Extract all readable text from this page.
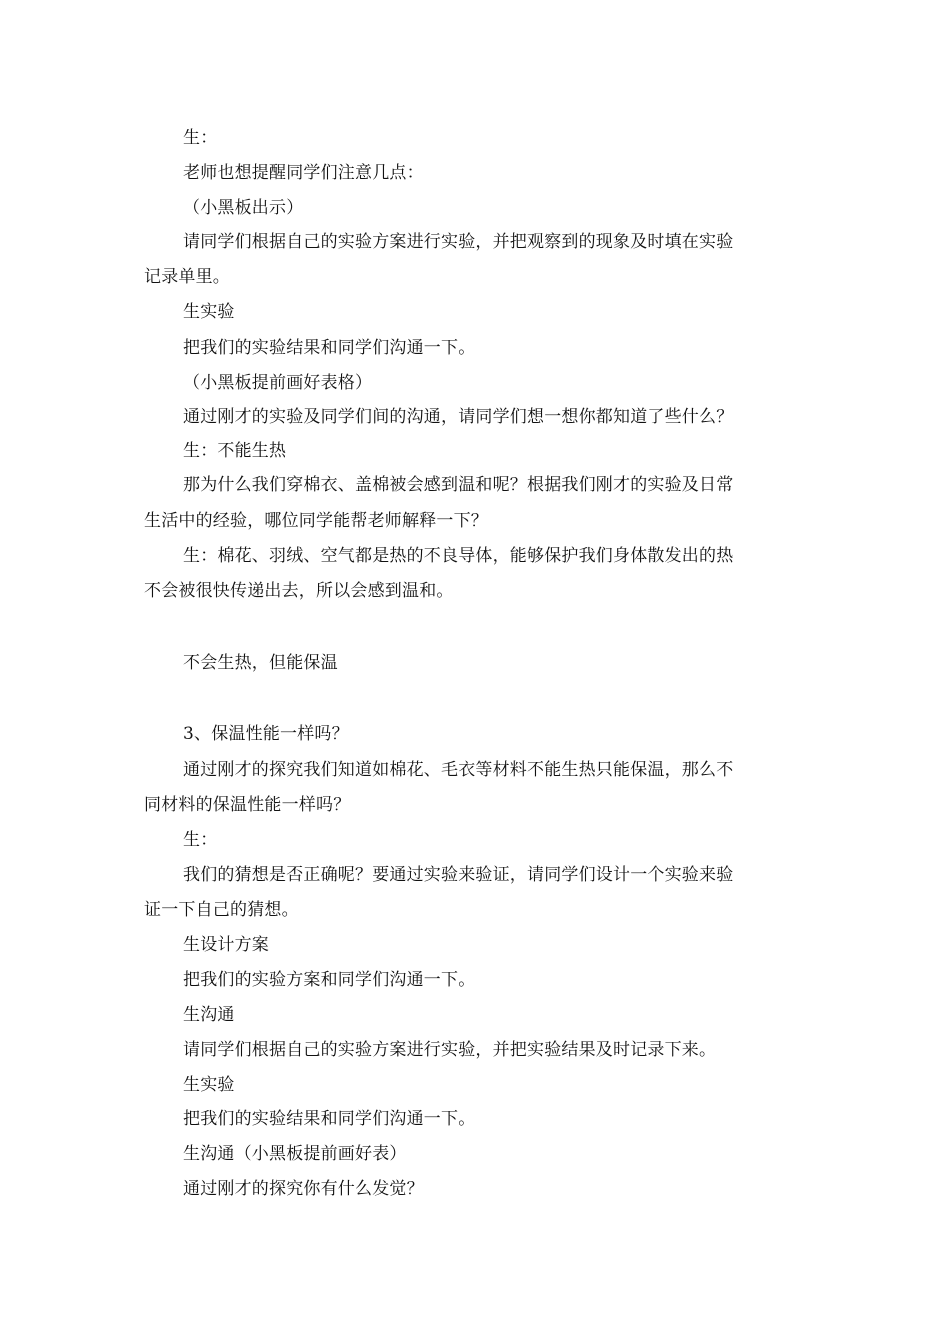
生：
老师也想提醒同学们注意几点：
（小黑板出示）
请同学们根据自己的实验方案进行实验，并把观察到的现象及时填在实验
记录单里。
生实验
把我们的实验结果和同学们沟通一下。
（小黑板提前画好表格）
通过刚才的实验及同学们间的沟通，请同学们想一想你都知道了些什么？
生：不能生热
那为什么我们穿棉衣、盖棉被会感到温和呢？根据我们刚才的实验及日常
生活中的经验，哪位同学能帮老师解释一下？
生：棉花、羽绒、空气都是热的不良导体，能够保护我们身体散发出的热
不会被很快传递出去，所以会感到温和。
不会生热，但能保温
3、保温性能一样吗？
通过刚才的探究我们知道如棉花、毛衣等材料不能生热只能保温，那么不
同材料的保温性能一样吗？
生：
我们的猜想是否正确呢？要通过实验来验证，请同学们设计一个实验来验
证一下自己的猜想。
生设计方案
把我们的实验方案和同学们沟通一下。
生沟通
请同学们根据自己的实验方案进行实验，并把实验结果及时记录下来。
生实验
把我们的实验结果和同学们沟通一下。
生沟通（小黑板提前画好表）
通过刚才的探究你有什么发觉？
